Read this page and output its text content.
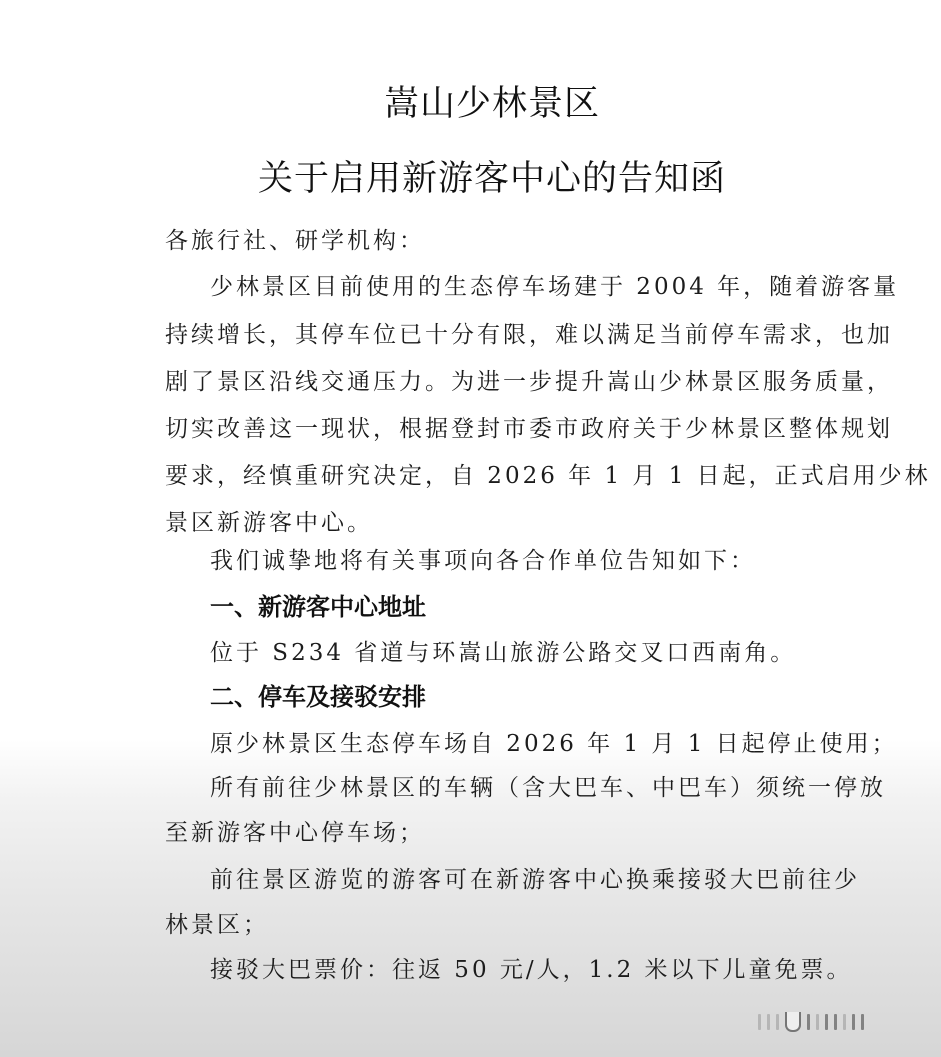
嵩山少林景区
关于启用新游客中心的告知函
各旅行社、研学机构：
少林景区目前使用的生态停车场建于 2004 年，随着游客量
持续增长，其停车位已十分有限，难以满足当前停车需求，也加
剧了景区沿线交通压力。为进一步提升嵩山少林景区服务质量，
切实改善这一现状，根据登封市委市政府关于少林景区整体规划
要求，经慎重研究决定，自 2026 年 1 月 1 日起，正式启用少林
景区新游客中心。
我们诚挚地将有关事项向各合作单位告知如下：
一、新游客中心地址
位于 S234 省道与环嵩山旅游公路交叉口西南角。
二、停车及接驳安排
原少林景区生态停车场自 2026 年 1 月 1 日起停止使用；
所有前往少林景区的车辆（含大巴车、中巴车）须统一停放
至新游客中心停车场；
前往景区游览的游客可在新游客中心换乘接驳大巴前往少
林景区；
接驳大巴票价：往返 50 元/人，1.2 米以下儿童免票。
